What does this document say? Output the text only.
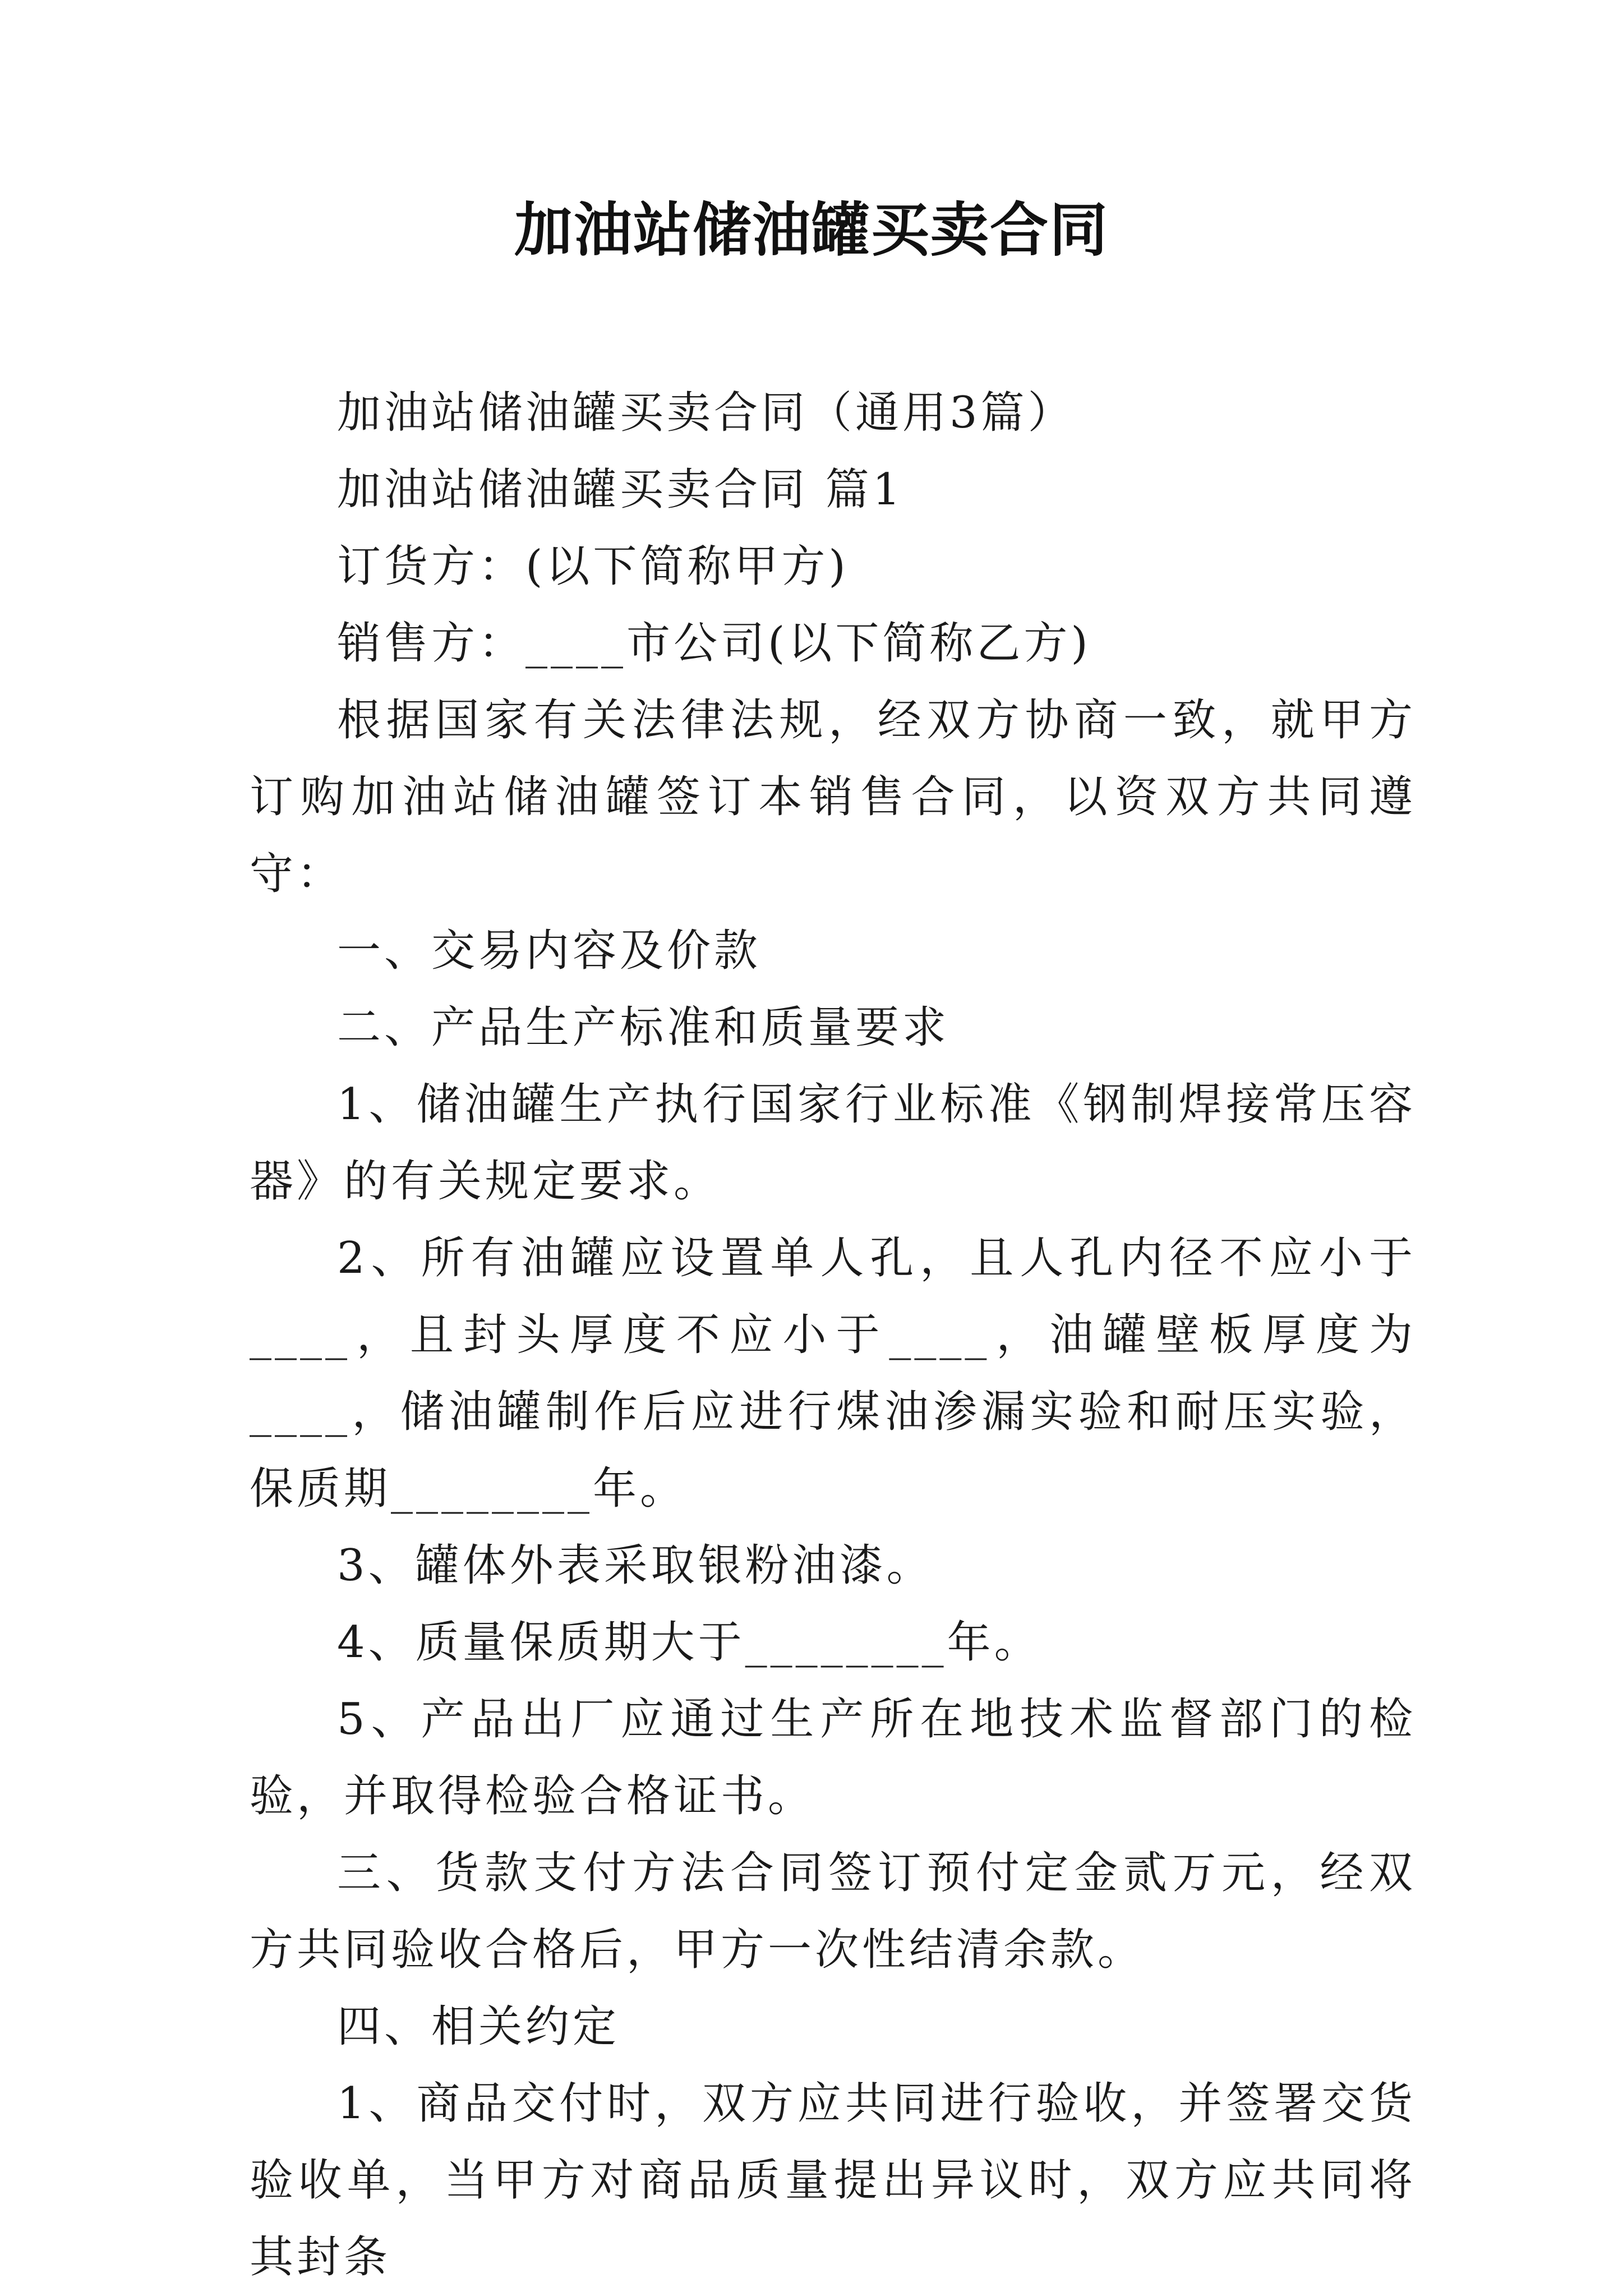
加油站储油罐买卖合同

加油站储油罐买卖合同（通用3篇）

加油站储油罐买卖合同 篇1

订货方：(以下简称甲方)

销售方：____市公司(以下简称乙方)

根据国家有关法律法规，经双方协商一致，就甲方订购加油站储油罐签订本销售合同，以资双方共同遵守：

一、交易内容及价款

二、产品生产标准和质量要求

1、储油罐生产执行国家行业标准《钢制焊接常压容器》的有关规定要求。

2、所有油罐应设置单人孔，且人孔内径不应小于____，且封头厚度不应小于____，油罐壁板厚度为____，储油罐制作后应进行煤油渗漏实验和耐压实验，保质期________年。

3、罐体外表采取银粉油漆。

4、质量保质期大于________年。

5、产品出厂应通过生产所在地技术监督部门的检验，并取得检验合格证书。

三、货款支付方法合同签订预付定金贰万元，经双方共同验收合格后，甲方一次性结清余款。

四、相关约定

1、商品交付时，双方应共同进行验收，并签署交货验收单，当甲方对商品质量提出异议时，双方应共同将其封条
